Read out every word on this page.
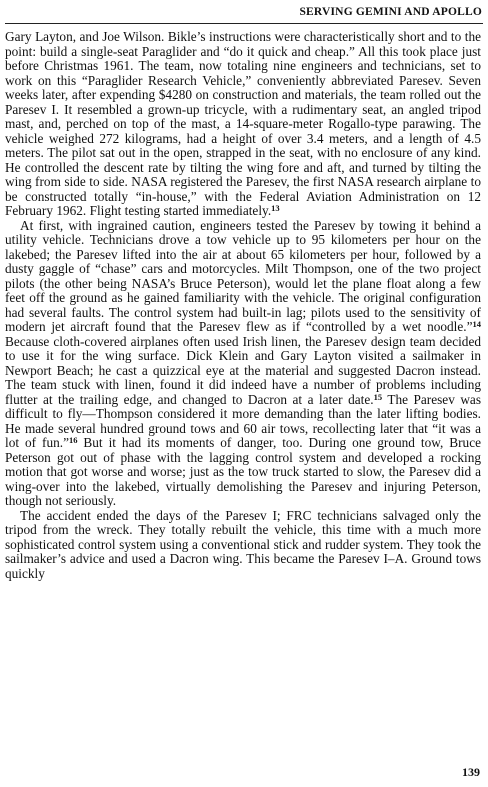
SERVING GEMINI AND APOLLO

Gary Layton, and Joe Wilson. Bikle’s instructions were characteristically short and to the point: build a single-seat Paraglider and “do it quick and cheap.” All this took place just before Christmas 1961. The team, now totaling nine engineers and technicians, set to work on this “Paraglider Research Vehicle,” conveniently abbreviated Paresev. Seven weeks later, after expending $4280 on construction and materials, the team rolled out the Paresev I. It resembled a grown-up tricycle, with a rudimentary seat, an angled tripod mast, and, perched on top of the mast, a 14-square-meter Rogallo-type parawing. The vehicle weighed 272 kilograms, had a height of over 3.4 meters, and a length of 4.5 meters. The pilot sat out in the open, strapped in the seat, with no enclosure of any kind. He controlled the descent rate by tilting the wing fore and aft, and turned by tilting the wing from side to side. NASA registered the Paresev, the first NASA research airplane to be constructed totally “in-house,” with the Federal Aviation Administration on 12 February 1962. Flight testing started immediately.$^{13}$

At first, with ingrained caution, engineers tested the Paresev by towing it behind a utility vehicle. Technicians drove a tow vehicle up to 95 kilometers per hour on the lakebed; the Paresev lifted into the air at about 65 kilometers per hour, followed by a dusty gaggle of “chase” cars and motorcycles. Milt Thompson, one of the two project pilots (the other being NASA’s Bruce Peterson), would let the plane float along a few feet off the ground as he gained familiarity with the vehicle. The original configuration had several faults. The control system had built-in lag; pilots used to the sensitivity of modern jet aircraft found that the Paresev flew as if “controlled by a wet noodle.”$^{14}$ Because cloth-covered airplanes often used Irish linen, the Paresev design team decided to use it for the wing surface. Dick Klein and Gary Layton visited a sailmaker in Newport Beach; he cast a quizzical eye at the material and suggested Dacron instead. The team stuck with linen, found it did indeed have a number of problems including flutter at the trailing edge, and changed to Dacron at a later date.$^{15}$ The Paresev was difficult to fly—Thompson considered it more demanding than the later lifting bodies. He made several hundred ground tows and 60 air tows, recollecting later that “it was a lot of fun.”$^{16}$ But it had its moments of danger, too. During one ground tow, Bruce Peterson got out of phase with the lagging control system and developed a rocking motion that got worse and worse; just as the tow truck started to slow, the Paresev did a wing-over into the lakebed, virtually demolishing the Paresev and injuring Peterson, though not seriously.

The accident ended the days of the Paresev I; FRC technicians salvaged only the tripod from the wreck. They totally rebuilt the vehicle, this time with a much more sophisticated control system using a conventional stick and rudder system. They took the sailmaker’s advice and used a Dacron wing. This became the Paresev I–A. Ground tows quickly

139
